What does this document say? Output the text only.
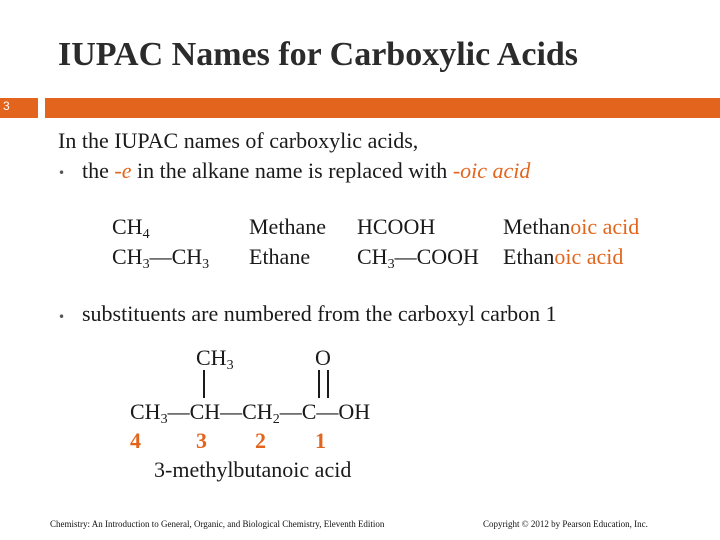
IUPAC Names for Carboxylic Acids
3
In the IUPAC names of carboxylic acids,
• the -e in the alkane name is replaced with -oic acid
$CH_4$	Methane HCOOH	Methanoic acid
$CH_3—CH_3$ Ethane $CH_3—COOH$ Ethanoic acid
• substituents are numbered from the carboxyl carbon 1
$CH_3$	O
$CH_3—CH—CH_2—C—OH$
4	3 2 1
3-methylbutanoic acid
Chemistry: An Introduction to General, Organic, and Biological Chemistry, Eleventh Edition	Copyright © 2012 by Pearson Education, Inc.
